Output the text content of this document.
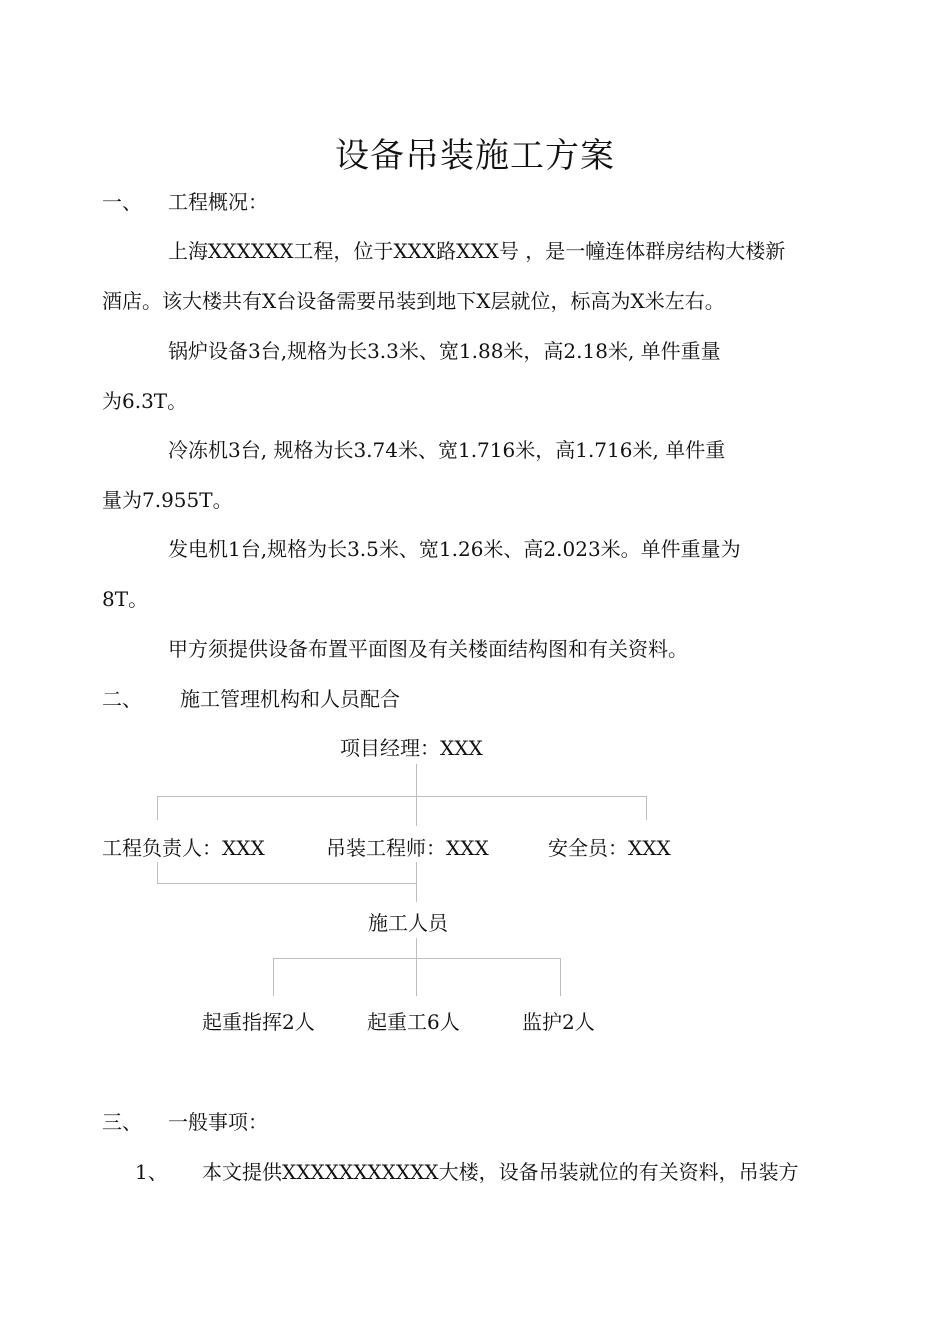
设备吊装施工方案
一、 工程概况：
上海XXXXXX工程，位于XXX路XXX号 ，是一幢连体群房结构大楼新
酒店。该大楼共有X台设备需要吊装到地下X层就位，标高为X米左右。
锅炉设备3台,规格为长3.3米、宽1.88米，高2.18米, 单件重量
为6.3T。
冷冻机3台, 规格为长3.74米、宽1.716米，高1.716米, 单件重
量为7.955T。
发电机1台,规格为长3.5米、宽1.26米、高2.023米。单件重量为
8T。
甲方须提供设备布置平面图及有关楼面结构图和有关资料。
二、 施工管理机构和人员配合
项目经理：XXX
工程负责人：XXX	吊装工程师：XXX	安全员：XXX
施工人员
起重指挥2人	起重工6人	监护2人
三、 一般事项：
1、 本文提供XXXXXXXXXXX大楼，设备吊装就位的有关资料，吊装方
